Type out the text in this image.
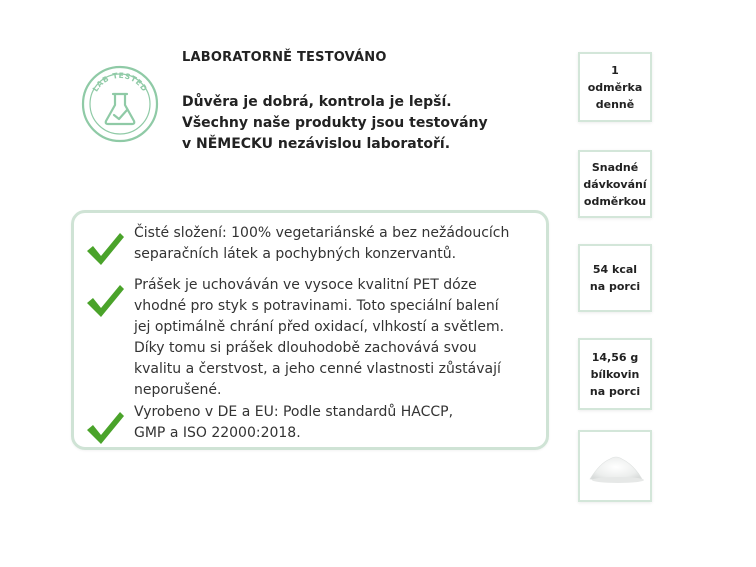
LAB TESTED
LABORATORNĚ TESTOVÁNO
Důvěra je dobrá, kontrola je lepší.
Všechny naše produkty jsou testovány
v NĚMECKU nezávislou laboratoří.
Čisté složení: 100% vegetariánské a bez nežádoucích
separačních látek a pochybných konzervantů.
Prášek je uchováván ve vysoce kvalitní PET dóze
vhodné pro styk s potravinami. Toto speciální balení
jej optimálně chrání před oxidací, vlhkostí a světlem.
Díky tomu si prášek dlouhodobě zachovává svou
kvalitu a čerstvost, a jeho cenné vlastnosti zůstávají
neporušené.
Vyrobeno v DE a EU: Podle standardů HACCP,
GMP a ISO 22000:2018.
1
odměrka
denně
Snadné
dávkování
odměrkou
54 kcal
na porci
14,56 g
bílkovin
na porci
